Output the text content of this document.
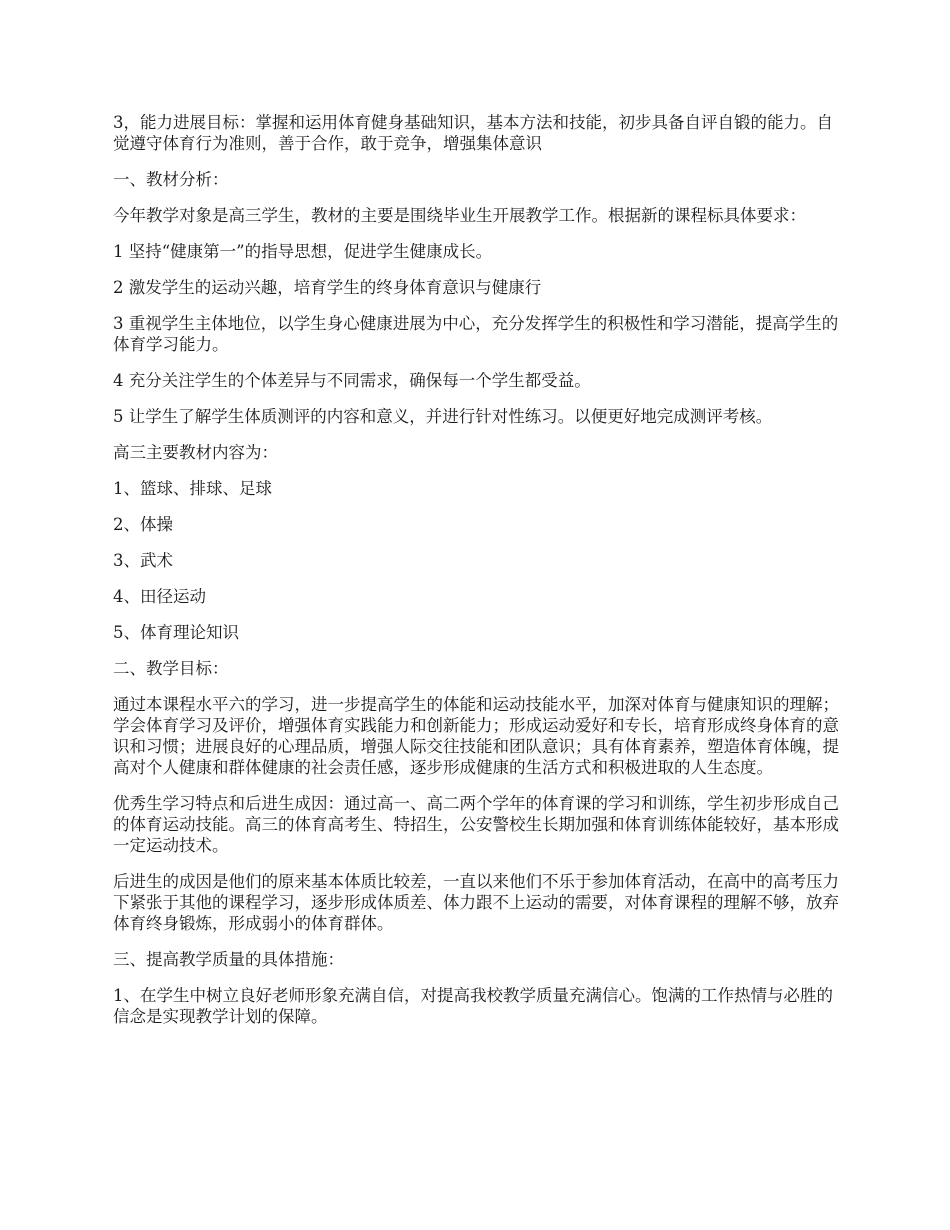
3，能力进展目标：掌握和运用体育健身基础知识，基本方法和技能，初步具备自评自锻的能力。自觉遵守体育行为准则，善于合作，敢于竞争，增强集体意识

一、教材分析：

今年教学对象是高三学生，教材的主要是围绕毕业生开展教学工作。根据新的课程标具体要求：

1 坚持“健康第一”的指导思想，促进学生健康成长。

2 激发学生的运动兴趣，培育学生的终身体育意识与健康行

3 重视学生主体地位，以学生身心健康进展为中心，充分发挥学生的积极性和学习潜能，提高学生的体育学习能力。

4 充分关注学生的个体差异与不同需求，确保每一个学生都受益。

5 让学生了解学生体质测评的内容和意义，并进行针对性练习。以便更好地完成测评考核。

高三主要教材内容为：

1、篮球、排球、足球

2、体操

3、武术

4、田径运动

5、体育理论知识

二、教学目标：

通过本课程水平六的学习，进一步提高学生的体能和运动技能水平，加深对体育与健康知识的理解；学会体育学习及评价，增强体育实践能力和创新能力；形成运动爱好和专长，培育形成终身体育的意识和习惯；进展良好的心理品质，增强人际交往技能和团队意识；具有体育素养，塑造体育体魄，提高对个人健康和群体健康的社会责任感，逐步形成健康的生活方式和积极进取的人生态度。

优秀生学习特点和后进生成因：通过高一、高二两个学年的体育课的学习和训练，学生初步形成自己的体育运动技能。高三的体育高考生、特招生，公安警校生长期加强和体育训练体能较好，基本形成一定运动技术。

后进生的成因是他们的原来基本体质比较差，一直以来他们不乐于参加体育活动，在高中的高考压力下紧张于其他的课程学习，逐步形成体质差、体力跟不上运动的需要，对体育课程的理解不够，放弃体育终身锻炼，形成弱小的体育群体。

三、提高教学质量的具体措施：

1、在学生中树立良好老师形象充满自信，对提高我校教学质量充满信心。饱满的工作热情与必胜的信念是实现教学计划的保障。
